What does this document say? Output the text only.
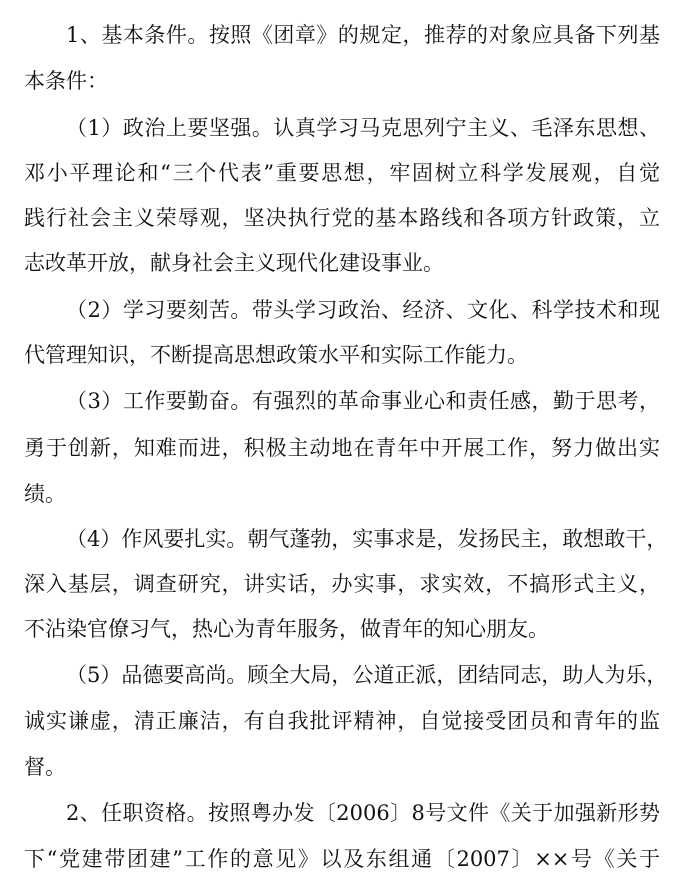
1、基本条件。按照《团章》的规定，推荐的对象应具备下列基
本条件：
（1）政治上要坚强。认真学习马克思列宁主义、毛泽东思想、
邓小平理论和“三个代表”重要思想，牢固树立科学发展观，自觉
践行社会主义荣辱观，坚决执行党的基本路线和各项方针政策，立
志改革开放，献身社会主义现代化建设事业。
（2）学习要刻苦。带头学习政治、经济、文化、科学技术和现
代管理知识，不断提高思想政策水平和实际工作能力。
（3）工作要勤奋。有强烈的革命事业心和责任感，勤于思考，
勇于创新，知难而进，积极主动地在青年中开展工作，努力做出实
绩。
（4）作风要扎实。朝气蓬勃，实事求是，发扬民主，敢想敢干，
深入基层，调查研究，讲实话，办实事，求实效，不搞形式主义，
不沾染官僚习气，热心为青年服务，做青年的知心朋友。
（5）品德要高尚。顾全大局，公道正派，团结同志，助人为乐，
诚实谦虚，清正廉洁，有自我批评精神，自觉接受团员和青年的监
督。
2、任职资格。按照粤办发〔2006〕8号文件《关于加强新形势
下“党建带团建”工作的意见》以及东组通〔2007〕××号《关于
